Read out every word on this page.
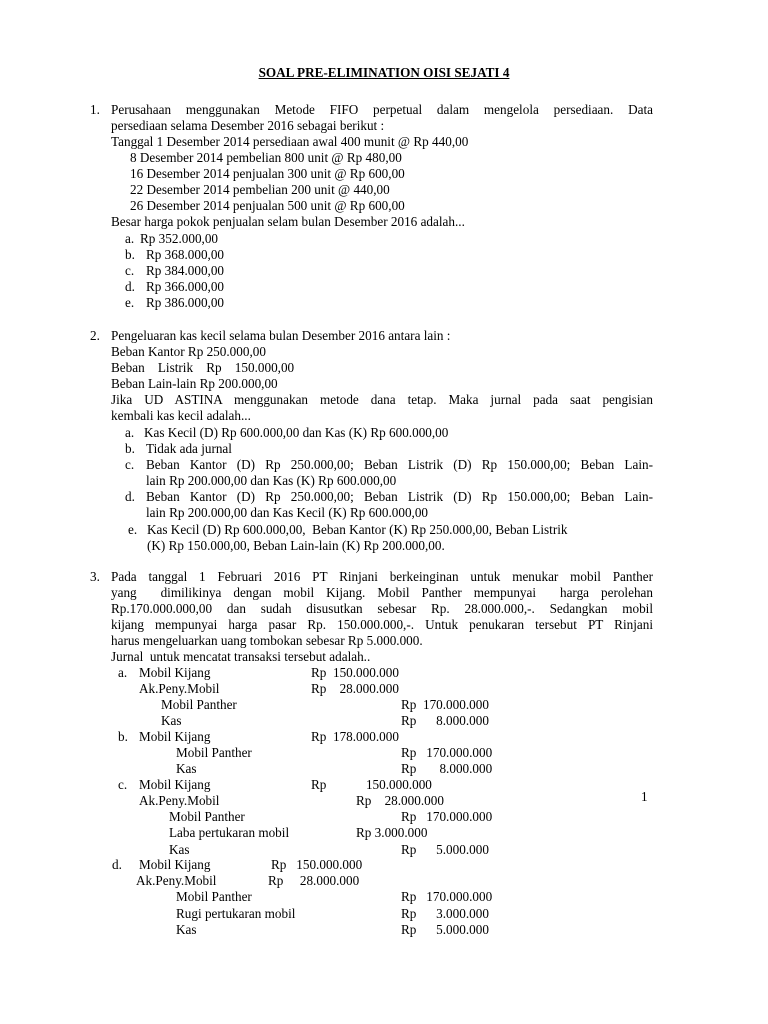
SOAL PRE-ELIMINATION OISI SEJATI 4
1. Perusahaan menggunakan Metode FIFO perpetual dalam mengelola persediaan. Data
persediaan selama Desember 2016 sebagai berikut :
Tanggal 1 Desember 2014 persediaan awal 400 munit @ Rp 440,00
8 Desember 2014 pembelian 800 unit @ Rp 480,00
16 Desember 2014 penjualan 300 unit @ Rp 600,00
22 Desember 2014 pembelian 200 unit @ 440,00
26 Desember 2014 penjualan 500 unit @ Rp 600,00
Besar harga pokok penjualan selam bulan Desember 2016 adalah...
a. Rp 352.000,00
b. Rp 368.000,00
c. Rp 384.000,00
d. Rp 366.000,00
e. Rp 386.000,00
2. Pengeluaran kas kecil selama bulan Desember 2016 antara lain :
Beban Kantor Rp 250.000,00
Beban    Listrik    Rp    150.000,00
Beban Lain-lain Rp 200.000,00
Jika UD ASTINA menggunakan metode dana tetap. Maka jurnal pada saat pengisian
kembali kas kecil adalah...
a. Kas Kecil (D) Rp 600.000,00 dan Kas (K) Rp 600.000,00
b. Tidak ada jurnal
c. Beban Kantor (D) Rp 250.000,00; Beban Listrik (D) Rp 150.000,00; Beban Lain-
lain Rp 200.000,00 dan Kas (K) Rp 600.000,00
d. Beban Kantor (D) Rp 250.000,00; Beban Listrik (D) Rp 150.000,00; Beban Lain-
lain Rp 200.000,00 dan Kas Kecil (K) Rp 600.000,00
e. Kas Kecil (D) Rp 600.000,00,  Beban Kantor (K) Rp 250.000,00, Beban Listrik
(K) Rp 150.000,00, Beban Lain-lain (K) Rp 200.000,00.
3. Pada tanggal 1 Februari 2016 PT Rinjani berkeinginan untuk menukar mobil Panther
yang  dimilikinya dengan mobil Kijang. Mobil Panther mempunyai  harga perolehan
Rp.170.000.000,00 dan sudah disusutkan sebesar Rp. 28.000.000,-. Sedangkan mobil
kijang mempunyai harga pasar Rp. 150.000.000,-. Untuk penukaran tersebut PT Rinjani
harus mengeluarkan uang tombokan sebesar Rp 5.000.000.
Jurnal  untuk mencatat transaksi tersebut adalah..
a. Mobil Kijang	Rp  150.000.000
Ak.Peny.Mobil	Rp    28.000.000
Mobil Panther	Rp  170.000.000
Kas	Rp      8.000.000
b. Mobil Kijang	Rp  178.000.000
Mobil Panther	Rp   170.000.000
Kas	Rp       8.000.000
c. Mobil Kijang	Rp            150.000.000
Ak.Peny.Mobil	Rp    28.000.000
Mobil Panther	Rp   170.000.000
Laba pertukaran mobil	Rp 3.000.000
Kas	Rp      5.000.000
d. Mobil Kijang	Rp   150.000.000
Ak.Peny.Mobil	Rp     28.000.000
Mobil Panther	Rp   170.000.000
Rugi pertukaran mobil	Rp      3.000.000
Kas	Rp      5.000.000
1
